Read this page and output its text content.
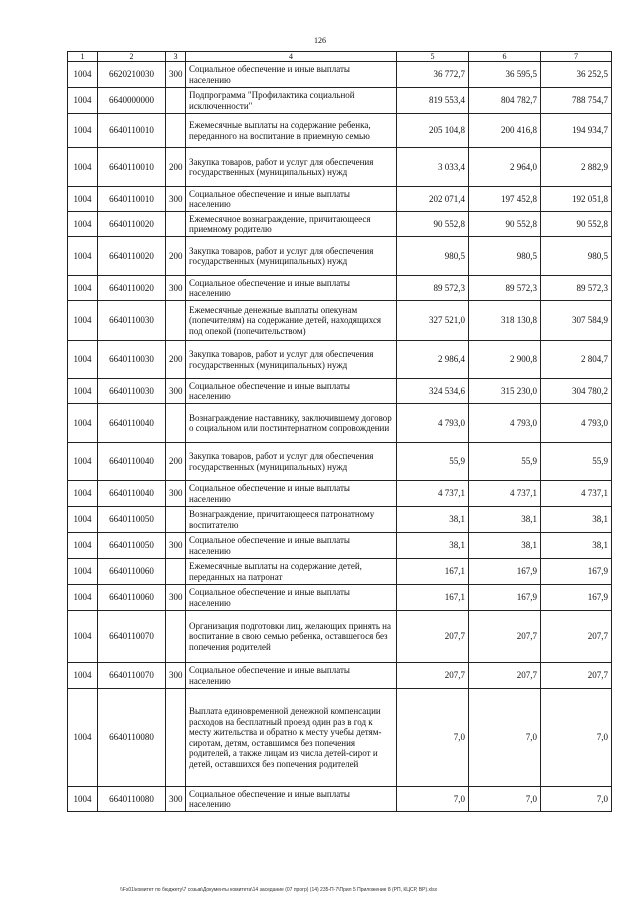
126
1	2	3	4	5	6	7
1004	6620210030	300	Социальное обеспечение и иные выплаты населению	36 772,7	36 595,5	36 252,5
1004	6640000000		Подпрограмма "Профилактика социальной исключенности"	819 553,4	804 782,7	788 754,7
1004	6640110010		Ежемесячные выплаты на содержание ребенка, переданного на воспитание в приемную семью	205 104,8	200 416,8	194 934,7
1004	6640110010	200	Закупка товаров, работ и услуг для обеспечения государственных (муниципальных) нужд	3 033,4	2 964,0	2 882,9
1004	6640110010	300	Социальное обеспечение и иные выплаты населению	202 071,4	197 452,8	192 051,8
1004	6640110020		Ежемесячное вознаграждение, причитающееся приемному родителю	90 552,8	90 552,8	90 552,8
1004	6640110020	200	Закупка товаров, работ и услуг для обеспечения государственных (муниципальных) нужд	980,5	980,5	980,5
1004	6640110020	300	Социальное обеспечение и иные выплаты населению	89 572,3	89 572,3	89 572,3
1004	6640110030		Ежемесячные денежные выплаты опекунам (попечителям) на содержание детей, находящихся под опекой (попечительством)	327 521,0	318 130,8	307 584,9
1004	6640110030	200	Закупка товаров, работ и услуг для обеспечения государственных (муниципальных) нужд	2 986,4	2 900,8	2 804,7
1004	6640110030	300	Социальное обеспечение и иные выплаты населению	324 534,6	315 230,0	304 780,2
1004	6640110040		Вознаграждение наставнику, заключившему договор о социальном или постинтернатном сопровождении	4 793,0	4 793,0	4 793,0
1004	6640110040	200	Закупка товаров, работ и услуг для обеспечения государственных (муниципальных) нужд	55,9	55,9	55,9
1004	6640110040	300	Социальное обеспечение и иные выплаты населению	4 737,1	4 737,1	4 737,1
1004	6640110050		Вознаграждение, причитающееся патронатному воспитателю	38,1	38,1	38,1
1004	6640110050	300	Социальное обеспечение и иные выплаты населению	38,1	38,1	38,1
1004	6640110060		Ежемесячные выплаты на содержание детей, переданных на патронат	167,1	167,9	167,9
1004	6640110060	300	Социальное обеспечение и иные выплаты населению	167,1	167,9	167,9
1004	6640110070		Организация подготовки лиц, желающих принять на воспитание в свою семью ребенка, оставшегося без попечения родителей	207,7	207,7	207,7
1004	6640110070	300	Социальное обеспечение и иные выплаты населению	207,7	207,7	207,7
1004	6640110080		Выплата единовременной денежной компенсации расходов на бесплатный проезд один раз в год к месту жительства и обратно к месту учебы детям-сиротам, детям, оставшимся без попечения родителей, а также лицам из числа детей-сирот и детей, оставшихся без попечения родителей	7,0	7,0	7,0
1004	6640110080	300	Социальное обеспечение и иные выплаты населению	7,0	7,0	7,0
\\Fs01\комитет по бюджету\7 созыв\Документы комитета\14 заседание (07 прогр) (14) 235-П-7\Прил 5 Приложение 8 (РП, КЦСР, ВР).xlsx
